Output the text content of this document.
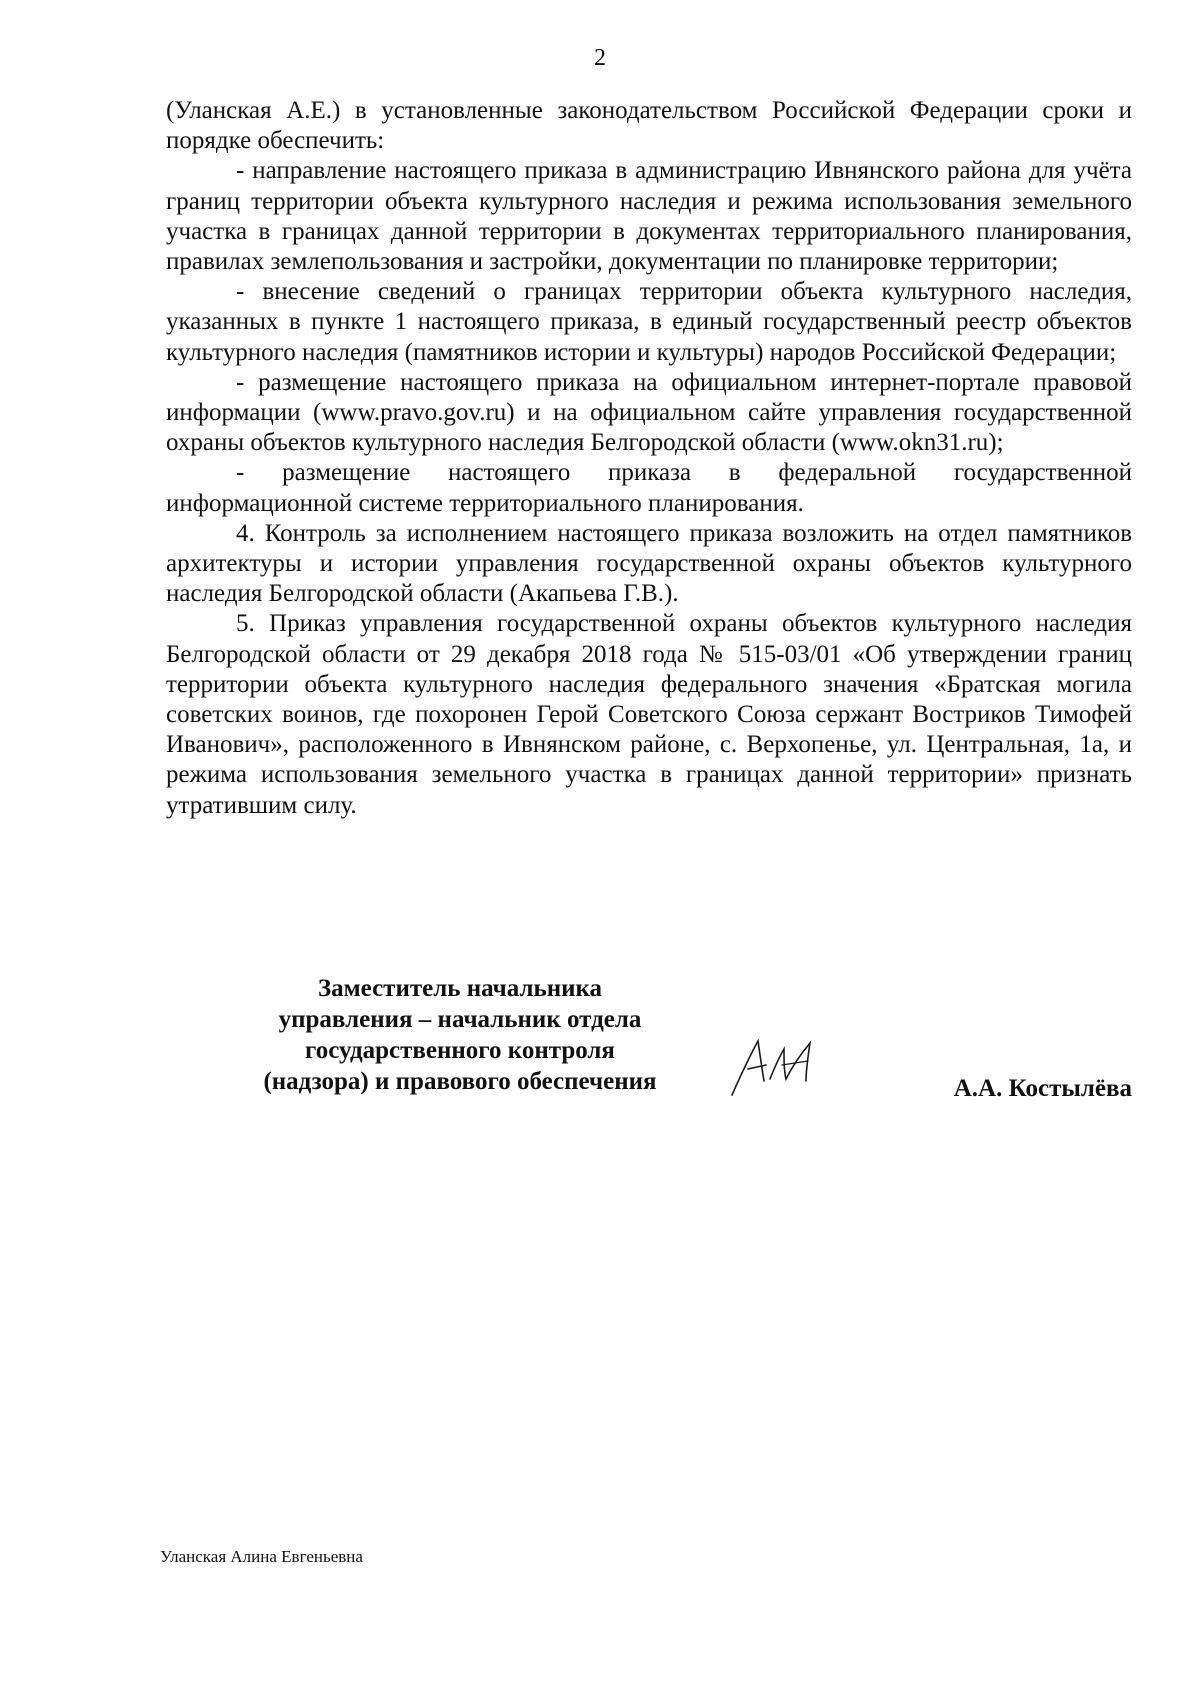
2

(Уланская А.Е.) в установленные законодательством Российской Федерации сроки и порядке обеспечить:

- направление настоящего приказа в администрацию Ивнянского района для учёта границ территории объекта культурного наследия и режима использования земельного участка в границах данной территории в документах территориального планирования, правилах землепользования и застройки, документации по планировке территории;

- внесение сведений о границах территории объекта культурного наследия, указанных в пункте 1 настоящего приказа, в единый государственный реестр объектов культурного наследия (памятников истории и культуры) народов Российской Федерации;

- размещение настоящего приказа на официальном интернет-портале правовой информации (www.pravo.gov.ru) и на официальном сайте управления государственной охраны объектов культурного наследия Белгородской области (www.okn31.ru);

- размещение настоящего приказа в федеральной государственной информационной системе территориального планирования.

4. Контроль за исполнением настоящего приказа возложить на отдел памятников архитектуры и истории управления государственной охраны объектов культурного наследия Белгородской области (Акапьева Г.В.).

5. Приказ управления государственной охраны объектов культурного наследия Белгородской области от 29 декабря 2018 года № 515-03/01 «Об утверждении границ территории объекта культурного наследия федерального значения «Братская могила советских воинов, где похоронен Герой Советского Союза сержант Востриков Тимофей Иванович», расположенного в Ивнянском районе, с. Верхопенье, ул. Центральная, 1а, и режима использования земельного участка в границах данной территории» признать утратившим силу.

Заместитель начальника
управления – начальник отдела
государственного контроля
(надзора) и правового обеспечения	А.А. Костылёва
Уланская Алина Евгеньевна
